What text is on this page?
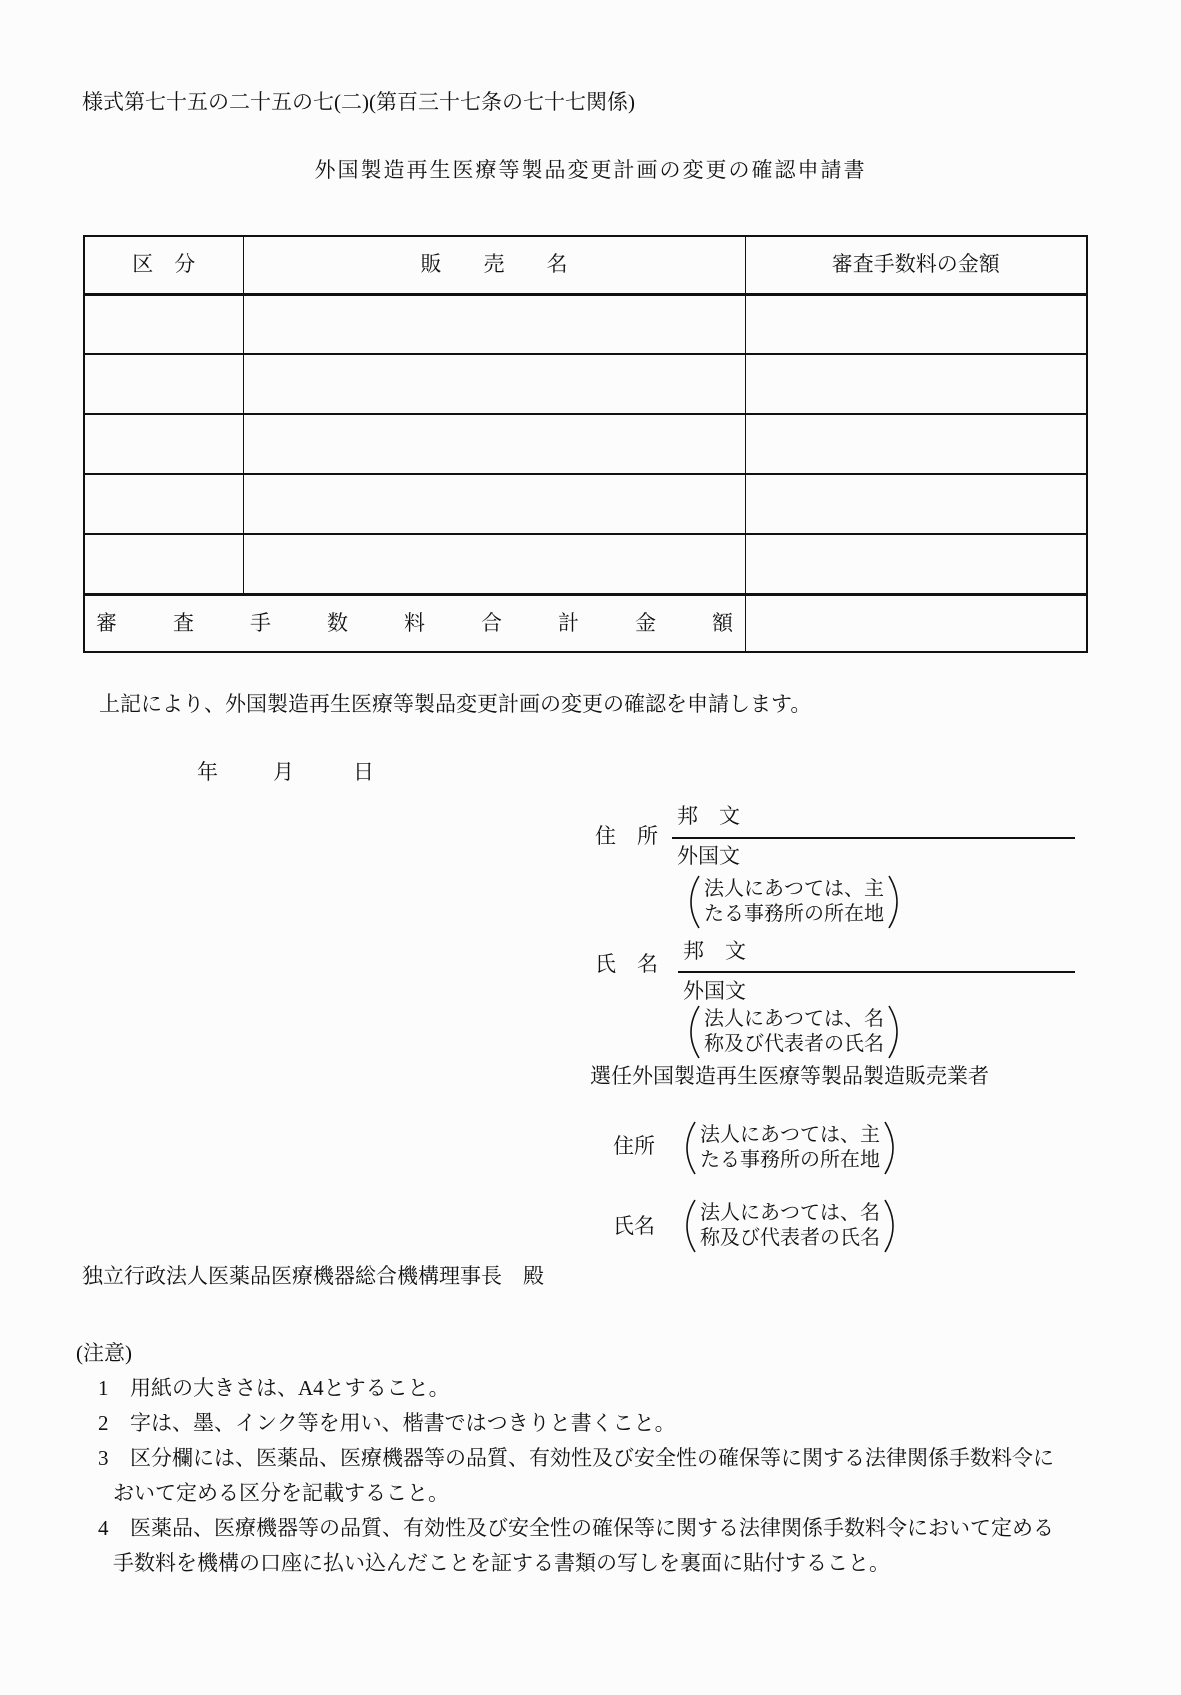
様式第七十五の二十五の七(二)(第百三十七条の七十七関係)
外国製造再生医療等製品変更計画の変更の確認申請書
区　分	販　　売　　名	審査手数料の金額

審査手数料合計金額		

上記により、外国製造再生医療等製品変更計画の変更の確認を申請します。
年	月	日
住　所
邦　文
外国文
法人にあつては、主
たる事務所の所在地
氏　名
邦　文
外国文
法人にあつては、名
称及び代表者の氏名
選任外国製造再生医療等製品製造販売業者
住所 法人にあつては、主
たる事務所の所在地
氏名
法人にあつては、名
称及び代表者の氏名
独立行政法人医薬品医療機器総合機構理事長　殿
(注意)
1 用紙の大きさは、A4とすること。
2 字は、墨、インク等を用い、楷書ではつきりと書くこと。
3 区分欄には、医薬品、医療機器等の品質、有効性及び安全性の確保等に関する法律関係手数料令に
おいて定める区分を記載すること。
4 医薬品、医療機器等の品質、有効性及び安全性の確保等に関する法律関係手数料令において定める
手数料を機構の口座に払い込んだことを証する書類の写しを裏面に貼付すること。
